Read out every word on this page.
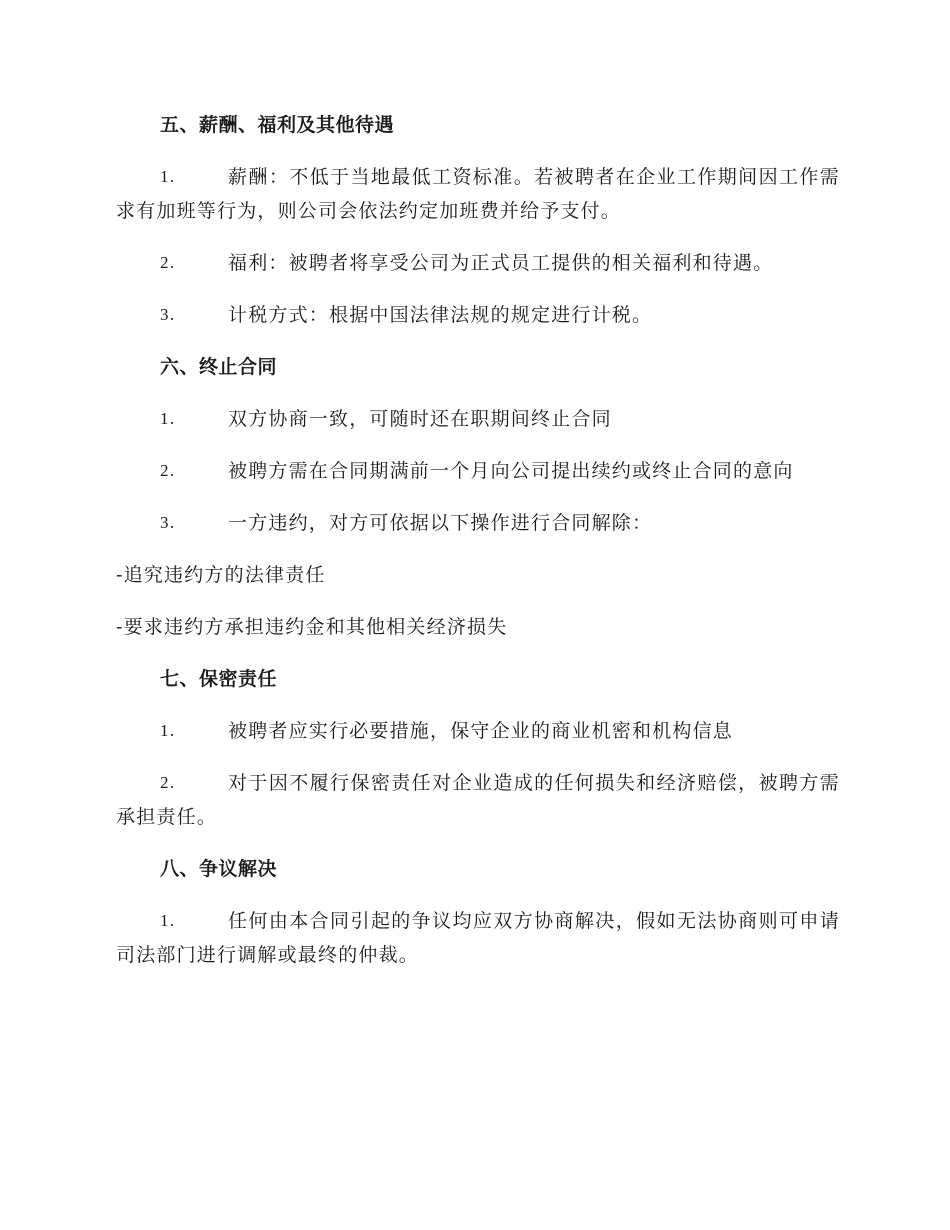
五、薪酬、福利及其他待遇
1.	薪酬：不低于当地最低工资标准。若被聘者在企业工作期间因工作需求有加班等行为，则公司会依法约定加班费并给予支付。
2.	福利：被聘者将享受公司为正式员工提供的相关福利和待遇。
3.	计税方式：根据中国法律法规的规定进行计税。
六、终止合同
1.	双方协商一致，可随时还在职期间终止合同
2.	被聘方需在合同期满前一个月向公司提出续约或终止合同的意向
3.	一方违约，对方可依据以下操作进行合同解除：
-追究违约方的法律责任
-要求违约方承担违约金和其他相关经济损失
七、保密责任
1.	被聘者应实行必要措施，保守企业的商业机密和机构信息
2.	对于因不履行保密责任对企业造成的任何损失和经济赔偿，被聘方需承担责任。
八、争议解决
1.	任何由本合同引起的争议均应双方协商解决，假如无法协商则可申请司法部门进行调解或最终的仲裁。
